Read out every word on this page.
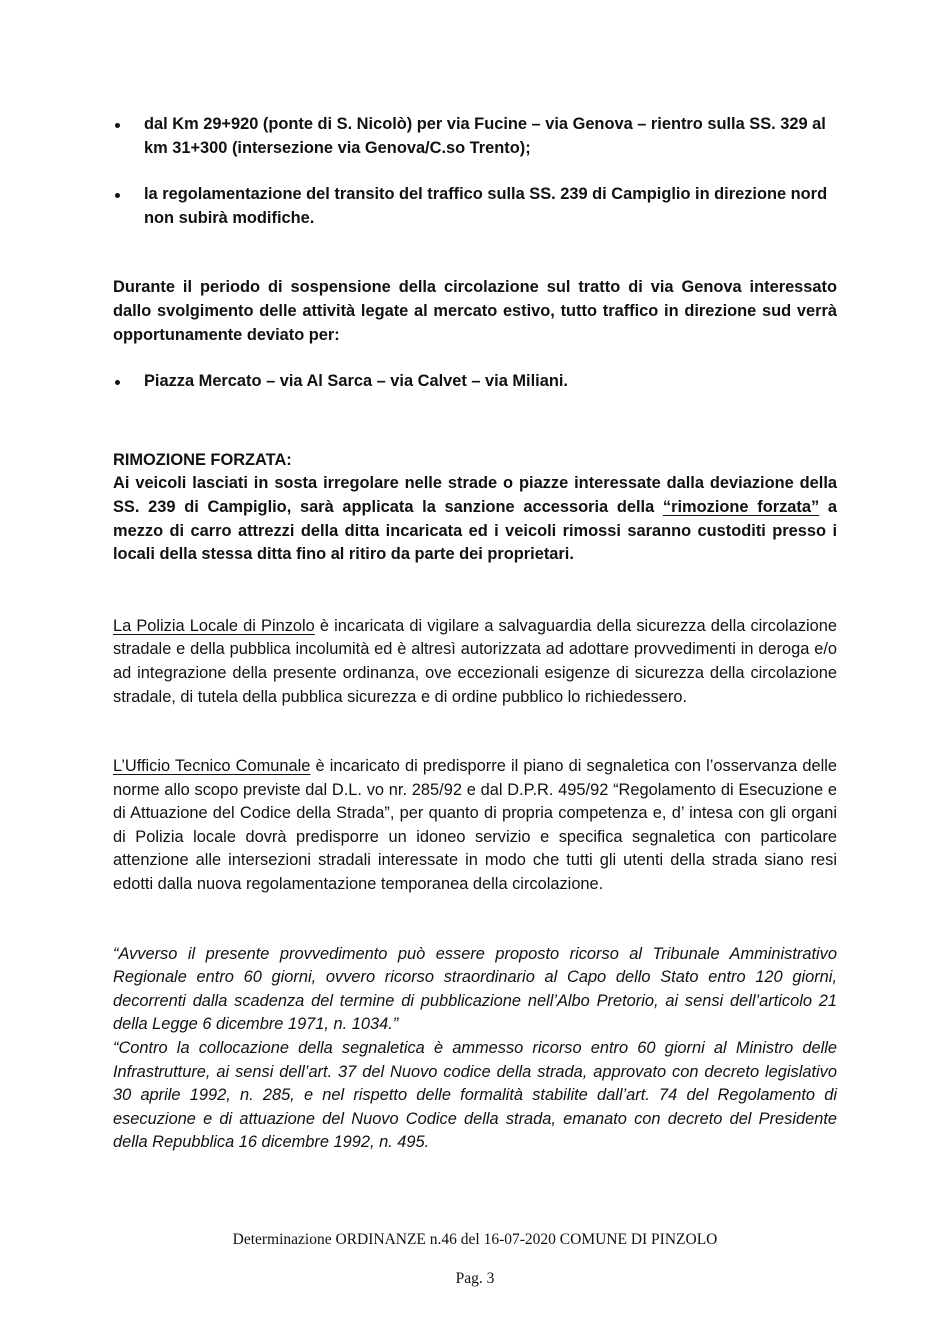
dal Km 29+920 (ponte di S. Nicolò) per via Fucine – via Genova – rientro sulla SS. 329 al km 31+300 (intersezione via Genova/C.so Trento);
la regolamentazione del transito del traffico sulla SS. 239 di Campiglio in direzione nord non subirà modifiche.

Durante il periodo di sospensione della circolazione sul tratto di via Genova interessato dallo svolgimento delle attività legate al mercato estivo, tutto traffico in direzione sud verrà opportunamente deviato per:

Piazza Mercato – via Al Sarca – via Calvet – via Miliani.
RIMOZIONE FORZATA:

Ai veicoli lasciati in sosta irregolare nelle strade o piazze interessate dalla deviazione della SS. 239 di Campiglio, sarà applicata la sanzione accessoria della “rimozione forzata” a mezzo di carro attrezzi della ditta incaricata ed i veicoli rimossi saranno custoditi presso i locali della stessa ditta fino al ritiro da parte dei proprietari.

La Polizia Locale di Pinzolo è incaricata di vigilare a salvaguardia della sicurezza della circolazione stradale e della pubblica incolumità ed è altresì autorizzata ad adottare provvedimenti in deroga e/o ad integrazione della presente ordinanza, ove eccezionali esigenze di sicurezza della circolazione stradale, di tutela della pubblica sicurezza e di ordine pubblico lo richiedessero.

L’Ufficio Tecnico Comunale è incaricato di predisporre il piano di segnaletica con l’osservanza delle norme allo scopo previste dal D.L. vo nr. 285/92 e dal D.P.R. 495/92 “Regolamento di Esecuzione e di Attuazione del Codice della Strada”, per quanto di propria competenza e, d’ intesa con gli organi di Polizia locale dovrà predisporre un idoneo servizio e specifica segnaletica con particolare attenzione alle intersezioni stradali interessate in modo che tutti gli utenti della strada siano resi edotti dalla nuova regolamentazione temporanea della circolazione.

“Avverso il presente provvedimento può essere proposto ricorso al Tribunale Amministrativo Regionale entro 60 giorni, ovvero ricorso straordinario al Capo dello Stato entro 120 giorni, decorrenti dalla scadenza del termine di pubblicazione nell’Albo Pretorio, ai sensi dell’articolo 21 della Legge 6 dicembre 1971, n. 1034.”

“Contro la collocazione della segnaletica è ammesso ricorso entro 60 giorni al Ministro delle Infrastrutture, ai sensi dell’art. 37 del Nuovo codice della strada, approvato con decreto legislativo 30 aprile 1992, n. 285, e nel rispetto delle formalità stabilite dall’art. 74 del Regolamento di esecuzione e di attuazione del Nuovo Codice della strada, emanato con decreto del Presidente della Repubblica 16 dicembre 1992, n. 495.

Determinazione ORDINANZE n.46 del 16-07-2020 COMUNE DI PINZOLO
Pag. 3
